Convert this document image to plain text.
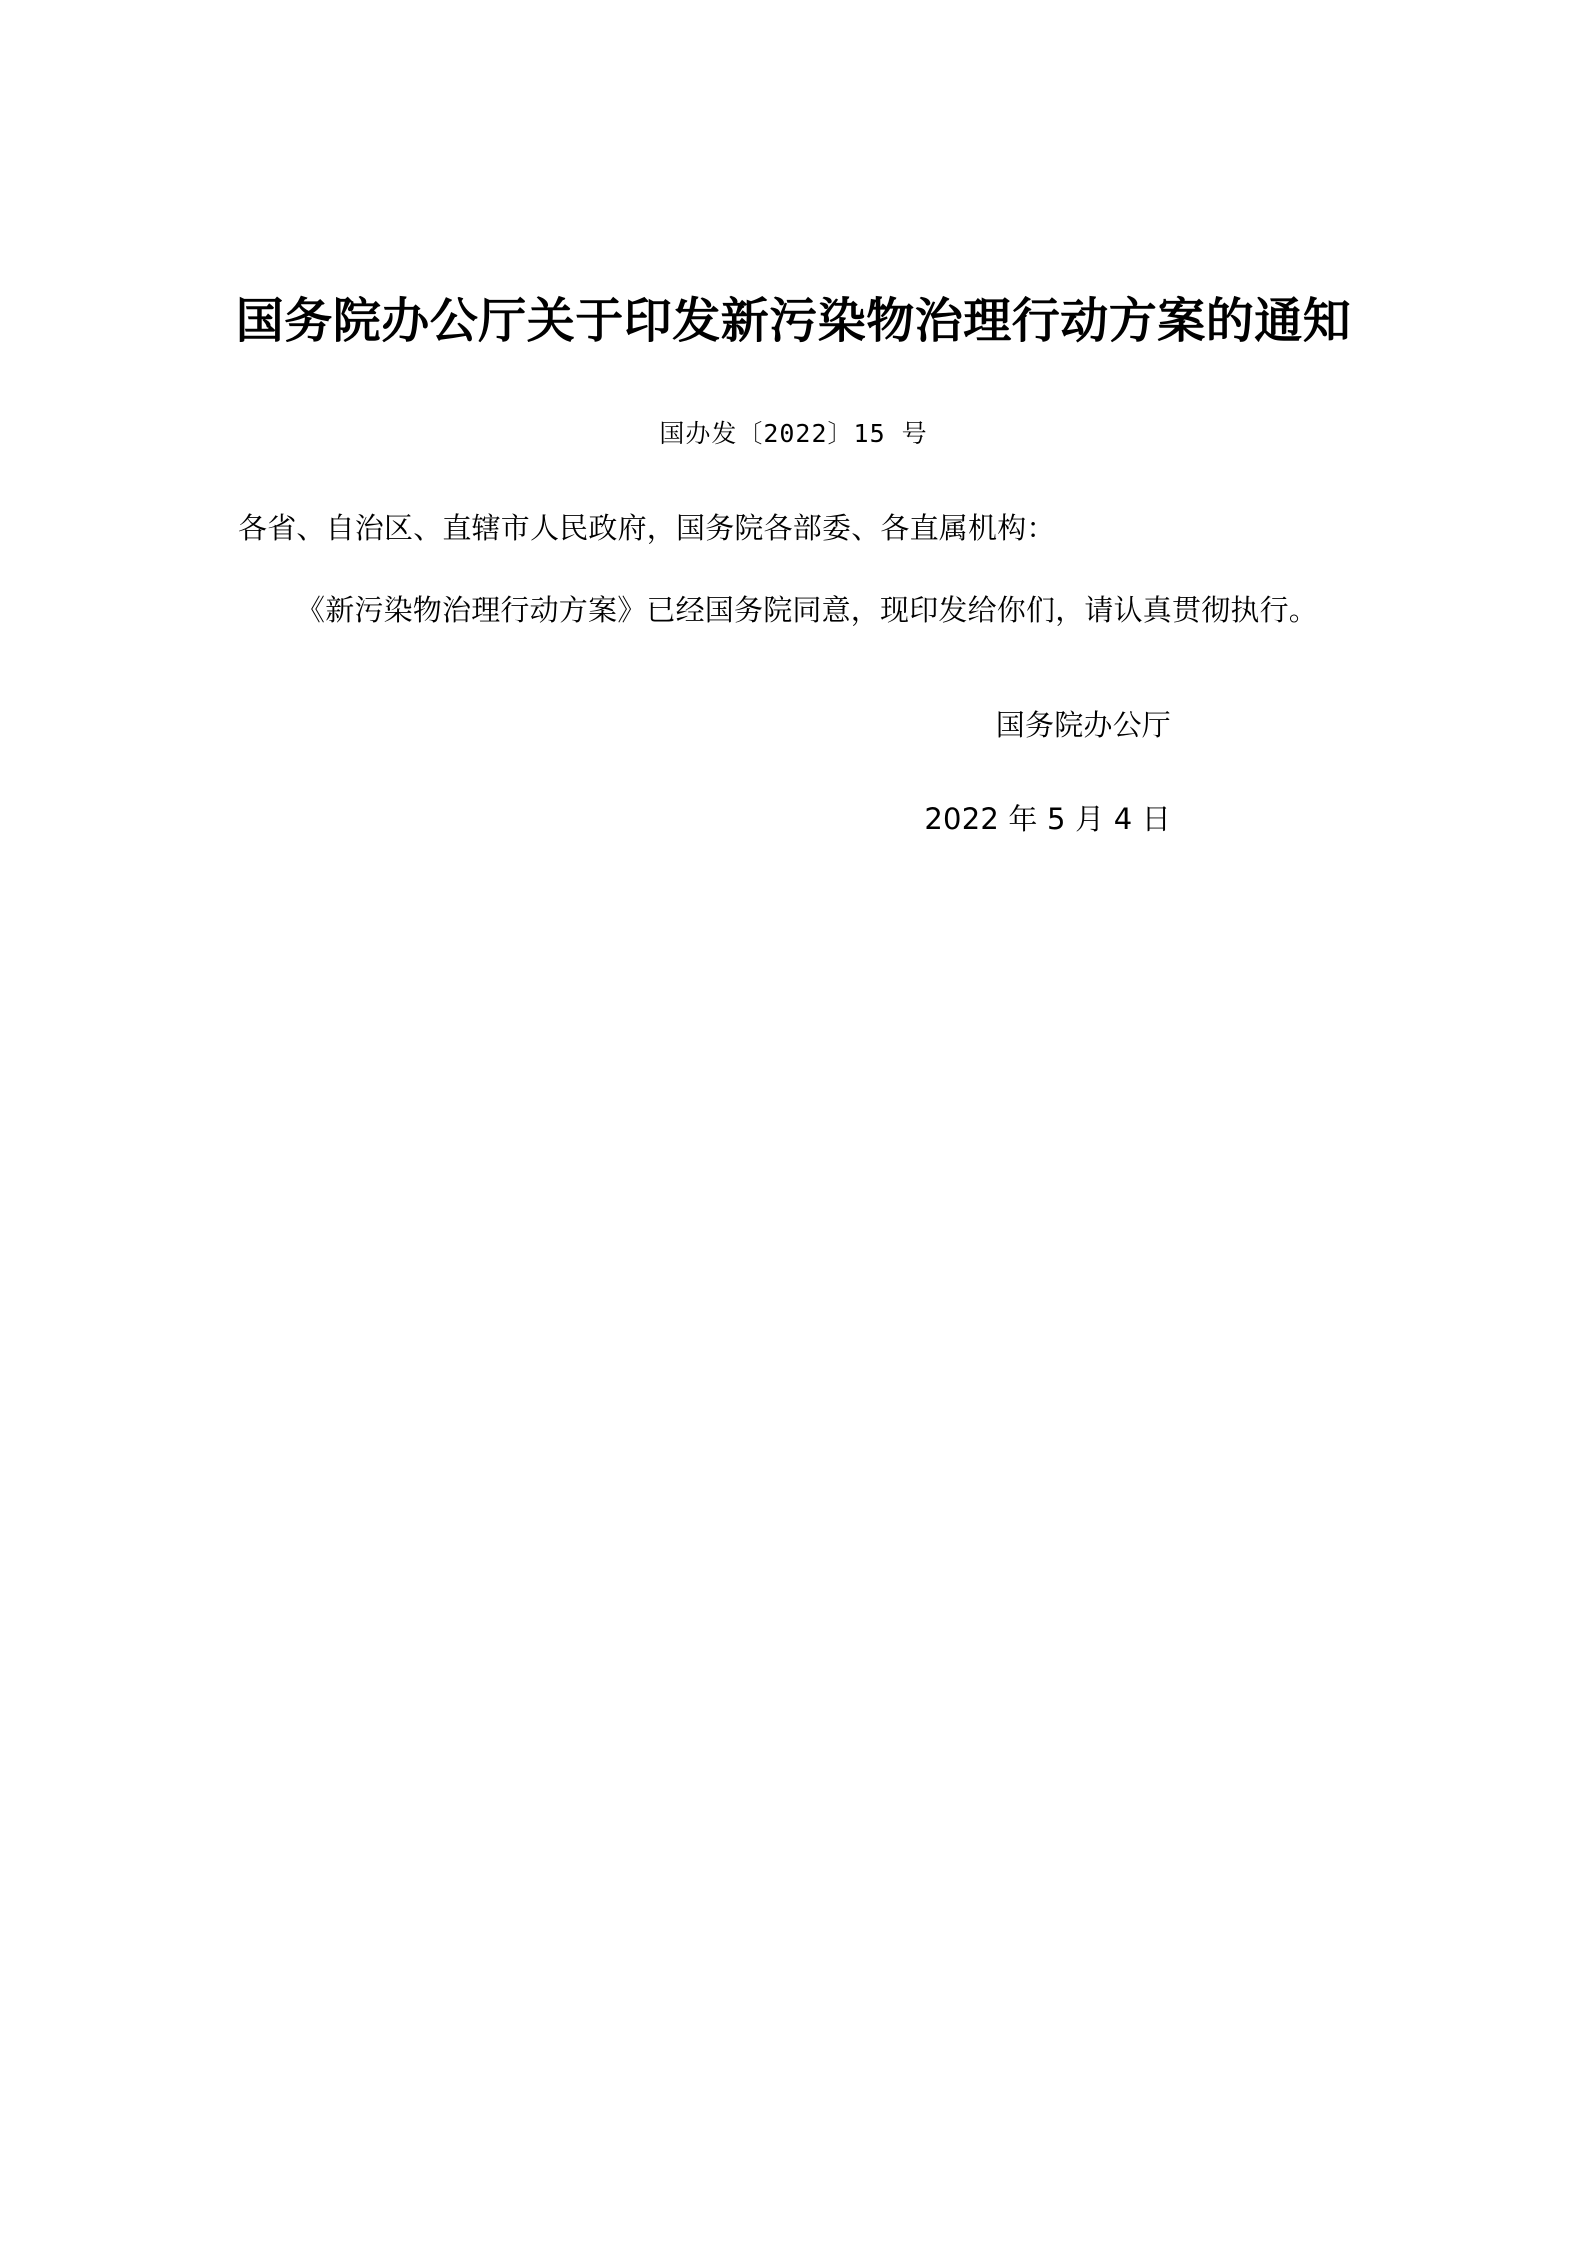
国务院办公厅关于印发新污染物治理行动方案的通知
国办发〔2022〕15 号

各省、自治区、直辖市人民政府，国务院各部委、各直属机构：

《新污染物治理行动方案》已经国务院同意，现印发给你们，请认真贯彻执行。

国务院办公厅

2022 年 5 月 4 日
